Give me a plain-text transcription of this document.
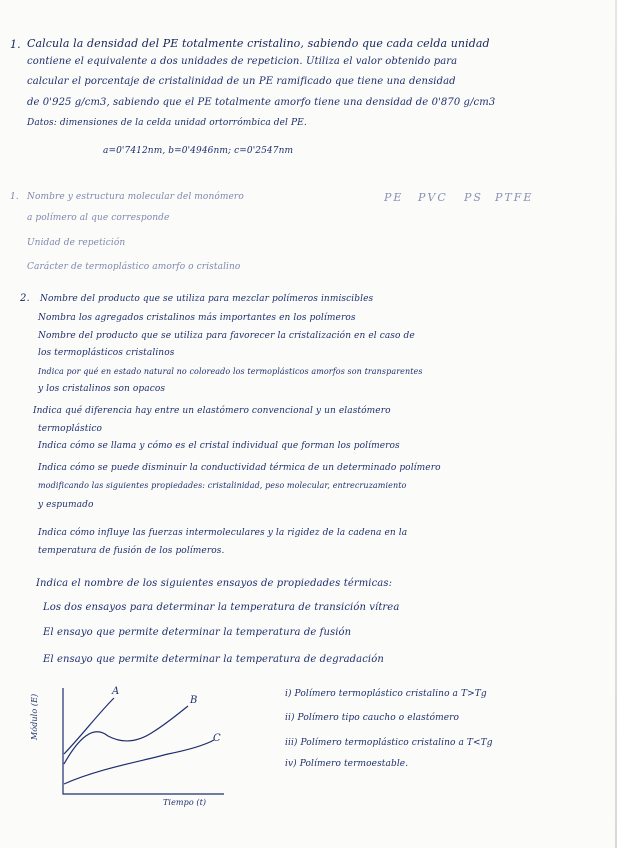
1. Calcula la densidad del PE totalmente cristalino, sabiendo que cada celda unidad
contiene el equivalente a dos unidades de repeticion. Utiliza el valor obtenido para
calcular el porcentaje de cristalinidad de un PE ramificado que tiene una densidad
de 0'925 g/cm3, sabiendo que el PE totalmente amorfo tiene una densidad de 0'870 g/cm3
Datos: dimensiones de la celda unidad ortorrómbica del PE.
a=0'7412nm, b=0'4946nm; c=0'2547nm
1. Nombre y estructura molecular del monómero
a polímero al que corresponde
Unidad de repetición
Carácter de termoplástico amorfo o cristalino
PE PVC PS PTFE
2. Nombre del producto que se utiliza para mezclar polímeros inmiscibles
Nombra los agregados cristalinos más importantes en los polímeros
Nombre del producto que se utiliza para favorecer la cristalización en el caso de
los termoplásticos cristalinos
Indica por qué en estado natural no coloreado los termoplásticos amorfos son transparentes
y los cristalinos son opacos
Indica qué diferencia hay entre un elastómero convencional y un elastómero
termoplástico
Indica cómo se llama y cómo es el cristal individual que forman los polímeros
Indica cómo se puede disminuir la conductividad térmica de un determinado polímero
modificando las siguientes propiedades: cristalinidad, peso molecular, entrecruzamiento
y espumado
Indica cómo influye las fuerzas intermoleculares y la rigidez de la cadena en la
temperatura de fusión de los polímeros.
Indica el nombre de los siguientes ensayos de propiedades térmicas:
Los dos ensayos para determinar la temperatura de transición vítrea
El ensayo que permite determinar la temperatura de fusión
El ensayo que permite determinar la temperatura de degradación
A
B
C
Módulo (E)
Tiempo (t)
i) Polímero termoplástico cristalino a T>Tg
ii) Polímero tipo caucho o elastómero
iii) Polímero termoplástico cristalino a T<Tg
iv) Polímero termoestable.
